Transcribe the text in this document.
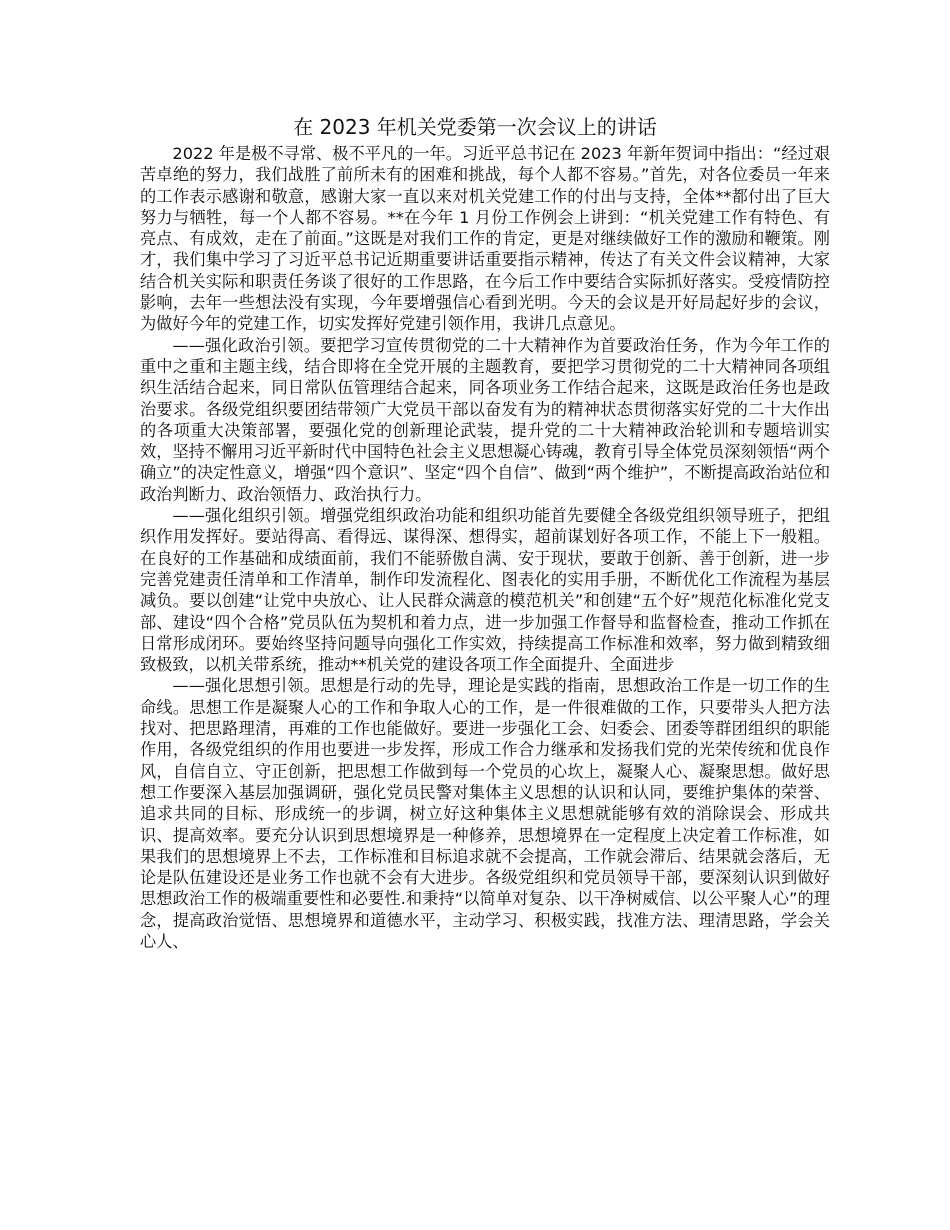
在 2023 年机关党委第一次会议上的讲话

2022 年是极不寻常、极不平凡的一年。习近平总书记在 2023 年新年贺词中指出：“经过艰苦卓绝的努力，我们战胜了前所未有的困难和挑战，每个人都不容易。”首先，对各位委员一年来的工作表示感谢和敬意，感谢大家一直以来对机关党建工作的付出与支持，全体**都付出了巨大努力与牺牲，每一个人都不容易。**在今年 1 月份工作例会上讲到：“机关党建工作有特色、有亮点、有成效，走在了前面。”这既是对我们工作的肯定，更是对继续做好工作的激励和鞭策。刚才，我们集中学习了习近平总书记近期重要讲话重要指示精神，传达了有关文件会议精神，大家结合机关实际和职责任务谈了很好的工作思路，在今后工作中要结合实际抓好落实。受疫情防控影响，去年一些想法没有实现，今年要增强信心看到光明。今天的会议是开好局起好步的会议，为做好今年的党建工作，切实发挥好党建引领作用，我讲几点意见。

——强化政治引领。要把学习宣传贯彻党的二十大精神作为首要政治任务，作为今年工作的重中之重和主题主线，结合即将在全党开展的主题教育，要把学习贯彻党的二十大精神同各项组织生活结合起来，同日常队伍管理结合起来，同各项业务工作结合起来，这既是政治任务也是政治要求。各级党组织要团结带领广大党员干部以奋发有为的精神状态贯彻落实好党的二十大作出的各项重大决策部署，要强化党的创新理论武装，提升党的二十大精神政治轮训和专题培训实效，坚持不懈用习近平新时代中国特色社会主义思想凝心铸魂，教育引导全体党员深刻领悟“两个确立”的决定性意义，增强“四个意识”、坚定“四个自信”、做到“两个维护”，不断提高政治站位和政治判断力、政治领悟力、政治执行力。

——强化组织引领。增强党组织政治功能和组织功能首先要健全各级党组织领导班子，把组织作用发挥好。要站得高、看得远、谋得深、想得实，超前谋划好各项工作，不能上下一般粗。在良好的工作基础和成绩面前，我们不能骄傲自满、安于现状，要敢于创新、善于创新，进一步完善党建责任清单和工作清单，制作印发流程化、图表化的实用手册，不断优化工作流程为基层减负。要以创建“让党中央放心、让人民群众满意的模范机关”和创建“五个好”规范化标准化党支部、建设“四个合格”党员队伍为契机和着力点，进一步加强工作督导和监督检查，推动工作抓在日常形成闭环。要始终坚持问题导向强化工作实效，持续提高工作标准和效率，努力做到精致细致极致，以机关带系统，推动**机关党的建设各项工作全面提升、全面进步

——强化思想引领。思想是行动的先导，理论是实践的指南，思想政治工作是一切工作的生命线。思想工作是凝聚人心的工作和争取人心的工作，是一件很难做的工作，只要带头人把方法找对、把思路理清，再难的工作也能做好。要进一步强化工会、妇委会、团委等群团组织的职能作用，各级党组织的作用也要进一步发挥，形成工作合力继承和发扬我们党的光荣传统和优良作风，自信自立、守正创新，把思想工作做到每一个党员的心坎上，凝聚人心、凝聚思想。做好思想工作要深入基层加强调研，强化党员民警对集体主义思想的认识和认同，要维护集体的荣誉、追求共同的目标、形成统一的步调，树立好这种集体主义思想就能够有效的消除误会、形成共识、提高效率。要充分认识到思想境界是一种修养，思想境界在一定程度上决定着工作标准，如果我们的思想境界上不去，工作标准和目标追求就不会提高，工作就会滞后、结果就会落后，无论是队伍建设还是业务工作也就不会有大进步。各级党组织和党员领导干部，要深刻认识到做好思想政治工作的极端重要性和必要性.和秉持“以简单对复杂、以干净树威信、以公平聚人心”的理念，提高政治觉悟、思想境界和道德水平，主动学习、积极实践，找准方法、理清思路，学会关心人、
